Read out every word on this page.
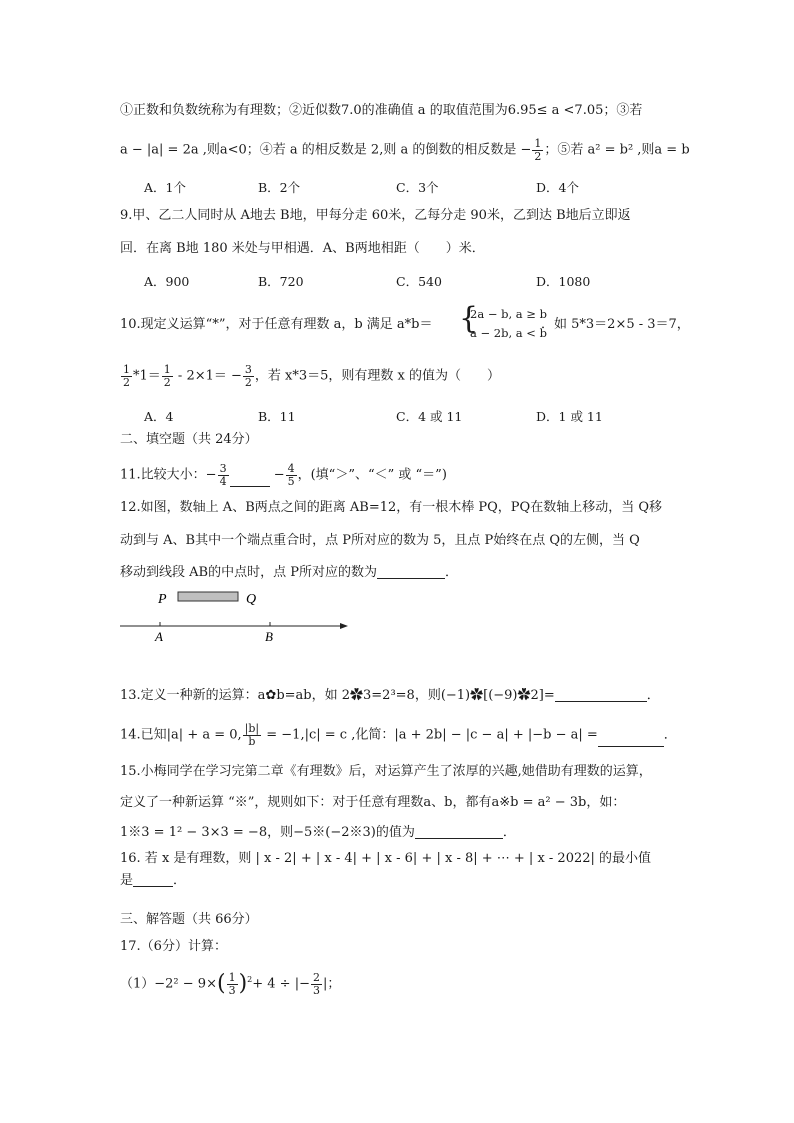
①正数和负数统称为有理数；②近似数7.0的准确值 a 的取值范围为6.95≤ a <7.05；③若
a − |a| = 2a ,则a<0；④若 a 的相反数是 2,则 a 的倒数的相反数是 − $\frac{1}{2}$ ；⑤若 a² = b² ,则a = b
A．1个	B．2个	C．3个	D．4个
9.甲、乙二人同时从 A地去 B地，甲每分走 60米，乙每分走 90米，乙到达 B地后立即返
回．在离 B地 180 米处与甲相遇．A、B两地相距（　　）米．
A．900	B．720	C．540	D．1080
10.现定义运算“*”，对于任意有理数 a，b 满足 a*b＝ {
2a − b, a ≥ b
a − 2b, a < b
．如 5*3＝2×5 - 3＝7，
$\frac{1}{2} *1= \frac{1}{2} - 2\times 1= - \frac{3}{2}$ ，若 x*3＝5，则有理数 x 的值为（　　）
A．4	B．11	C．4 或 11	D．1 或 11
二、填空题（共 24分）
11.比较大小：− $\frac{3}{4}$	− $\frac{4}{5}$ ，(填“＞”、“＜” 或 “＝”)
12.如图，数轴上 A、B两点之间的距离 AB=12，有一根木棒 PQ，PQ在数轴上移动，当 Q移
动到与 A、B其中一个端点重合时，点 P所对应的数为 5，且点 P始终在点 Q的左侧，当 Q
移动到线段 AB的中点时，点 P所对应的数为	．
P	Q
A	B
13.定义一种新的运算：a✿b=ab，如 2✿3=2³=8，则(−1)✿[(−9)✿2]=	．
14.已知|a| + a = 0, $\frac{|b|}{b} = -1,|c| = c$ ,化简：|a + 2b| − |c − a| + |−b − a| =	．
15.小梅同学在学习完第二章《有理数》后，对运算产生了浓厚的兴趣,她借助有理数的运算，
定义了一种新运算 “※”，规则如下：对于任意有理数a、b，都有a※b = a² − 3b，如：
1※3 = 1² − 3×3 = −8，则−5※(−2※3)的值为	．
16. 若 x 是有理数，则 | x - 2| + | x - 4| + | x - 6| + | x - 8| + ⋯ + | x - 2022| 的最小值
是	．
三、解答题（共 66分）
17.（6分）计算：
$(1)-2^2 - 9\times( \frac{1}{3} )^2+ 4$ ÷ |− $\frac{2}{3}$ |；
